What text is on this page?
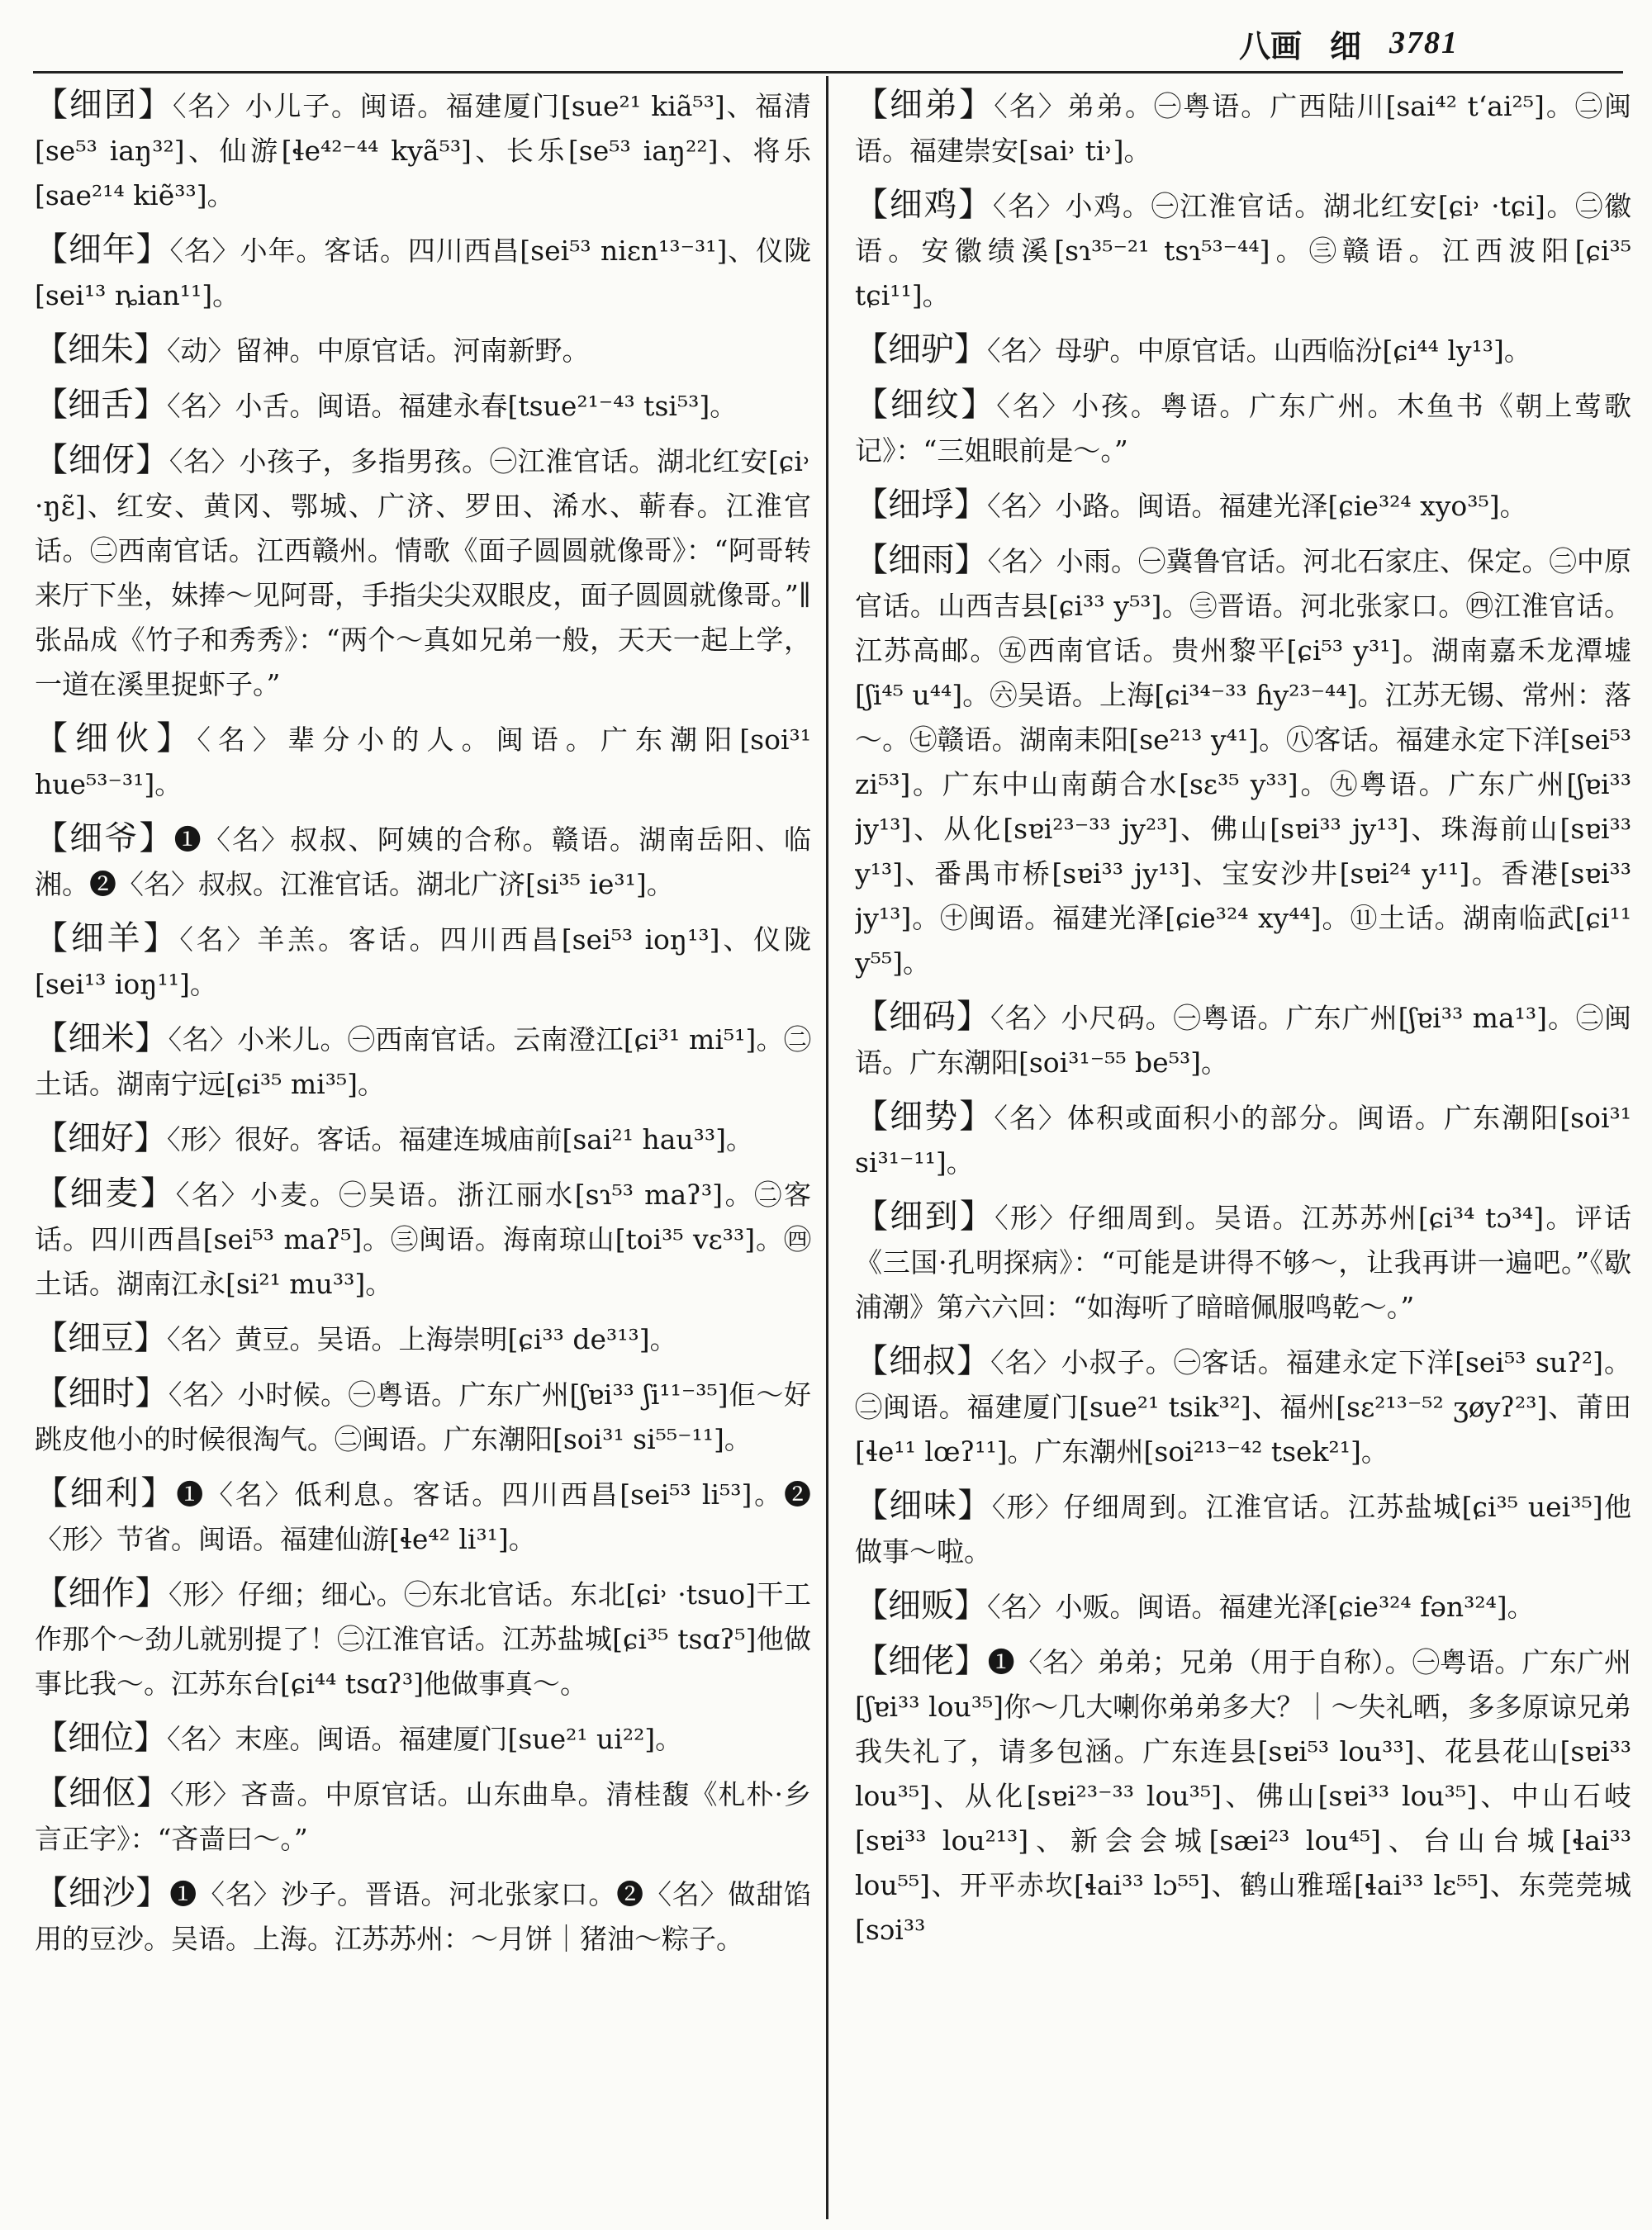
八画 细 3781

【细囝】〈名〉小儿子。闽语。福建厦门[sue²¹ kiã⁵³]、福清[se⁵³ iaŋ³²]、仙游[ɬe⁴²⁻⁴⁴ kyã⁵³]、长乐[se⁵³ iaŋ²²]、将乐[sae²¹⁴ kiẽ³³]。

【细年】〈名〉小年。客话。四川西昌[sei⁵³ niɛn¹³⁻³¹]、仪陇[sei¹³ ȵian¹¹]。

【细朱】〈动〉留神。中原官话。河南新野。

【细舌】〈名〉小舌。闽语。福建永春[tsue²¹⁻⁴³ tsi⁵³]。

【细伢】〈名〉小孩子，多指男孩。㊀江淮官话。湖北红安[ɕi˒ ·ŋɛ̃]、红安、黄冈、鄂城、广济、罗田、浠水、蕲春。江淮官话。㊁西南官话。江西赣州。情歌《面子圆圆就像哥》：“阿哥转来厅下坐，妹捧～见阿哥，手指尖尖双眼皮，面子圆圆就像哥。”∥张品成《竹子和秀秀》：“两个～真如兄弟一般，天天一起上学，一道在溪里捉虾子。”

【细伙】〈名〉辈分小的人。闽语。广东潮阳[soi³¹ hue⁵³⁻³¹]。

【细爷】❶〈名〉叔叔、阿姨的合称。赣语。湖南岳阳、临湘。❷〈名〉叔叔。江淮官话。湖北广济[si³⁵ ie³¹]。

【细羊】〈名〉羊羔。客话。四川西昌[sei⁵³ ioŋ¹³]、仪陇[sei¹³ ioŋ¹¹]。

【细米】〈名〉小米儿。㊀西南官话。云南澄江[ɕi³¹ mi⁵¹]。㊁土话。湖南宁远[ɕi³⁵ mi³⁵]。

【细好】〈形〉很好。客话。福建连城庙前[sai²¹ hau³³]。

【细麦】〈名〉小麦。㊀吴语。浙江丽水[sɿ⁵³ maʔ³]。㊁客话。四川西昌[sei⁵³ maʔ⁵]。㊂闽语。海南琼山[toi³⁵ vɛ³³]。㊃土话。湖南江永[si²¹ mu³³]。

【细豆】〈名〉黄豆。吴语。上海崇明[ɕi³³ de³¹³]。

【细时】〈名〉小时候。㊀粤语。广东广州[ʃɐi³³ ʃi¹¹⁻³⁵]佢～好跳皮他小的时候很淘气。㊁闽语。广东潮阳[soi³¹ si⁵⁵⁻¹¹]。

【细利】❶〈名〉低利息。客话。四川西昌[sei⁵³ li⁵³]。❷〈形〉节省。闽语。福建仙游[ɬe⁴² li³¹]。

【细作】〈形〉仔细；细心。㊀东北官话。东北[ɕi˒ ·tsuo]干工作那个～劲儿就别提了！㊁江淮官话。江苏盐城[ɕi³⁵ tsɑʔ⁵]他做事比我～。江苏东台[ɕi⁴⁴ tsɑʔ³]他做事真～。

【细位】〈名〉末座。闽语。福建厦门[sue²¹ ui²²]。

【细伛】〈形〉吝啬。中原官话。山东曲阜。清桂馥《札朴·乡言正字》：“吝啬曰～。”

【细沙】❶〈名〉沙子。晋语。河北张家口。❷〈名〉做甜馅用的豆沙。吴语。上海。江苏苏州：～月饼｜猪油～粽子。

【细弟】〈名〉弟弟。㊀粤语。广西陆川[sai⁴² tʻai²⁵]。㊁闽语。福建崇安[sai˒ ti˒]。

【细鸡】〈名〉小鸡。㊀江淮官话。湖北红安[ɕi˒ ·tɕi]。㊁徽语。安徽绩溪[sɿ³⁵⁻²¹ tsɿ⁵³⁻⁴⁴]。㊂赣语。江西波阳[ɕi³⁵ tɕi¹¹]。

【细驴】〈名〉母驴。中原官话。山西临汾[ɕi⁴⁴ ly¹³]。

【细纹】〈名〉小孩。粤语。广东广州。木鱼书《朝上莺歌记》：“三姐眼前是～。”

【细垺】〈名〉小路。闽语。福建光泽[ɕie³²⁴ xyo³⁵]。

【细雨】〈名〉小雨。㊀冀鲁官话。河北石家庄、保定。㊁中原官话。山西吉县[ɕi³³ y⁵³]。㊂晋语。河北张家口。㊃江淮官话。江苏高邮。㊄西南官话。贵州黎平[ɕi⁵³ y³¹]。湖南嘉禾龙潭墟[ʃi⁴⁵ u⁴⁴]。㊅吴语。上海[ɕi³⁴⁻³³ ɦy²³⁻⁴⁴]。江苏无锡、常州：落～。㊆赣语。湖南耒阳[se²¹³ y⁴¹]。㊇客话。福建永定下洋[sei⁵³ zi⁵³]。广东中山南蓢合水[sɛ³⁵ y³³]。㊈粤语。广东广州[ʃɐi³³ jy¹³]、从化[sɐi²³⁻³³ jy²³]、佛山[sɐi³³ jy¹³]、珠海前山[sɐi³³ y¹³]、番禺市桥[sɐi³³ jy¹³]、宝安沙井[sɐi²⁴ y¹¹]。香港[sɐi³³ jy¹³]。㊉闽语。福建光泽[ɕie³²⁴ xy⁴⁴]。⑪土话。湖南临武[ɕi¹¹ y⁵⁵]。

【细码】〈名〉小尺码。㊀粤语。广东广州[ʃɐi³³ ma¹³]。㊁闽语。广东潮阳[soi³¹⁻⁵⁵ be⁵³]。

【细势】〈名〉体积或面积小的部分。闽语。广东潮阳[soi³¹ si³¹⁻¹¹]。

【细到】〈形〉仔细周到。吴语。江苏苏州[ɕi³⁴ tɔ³⁴]。评话《三国·孔明探病》：“可能是讲得不够～，让我再讲一遍吧。”《歇浦潮》第六六回：“如海听了暗暗佩服鸣乾～。”

【细叔】〈名〉小叔子。㊀客话。福建永定下洋[sei⁵³ suʔ²]。㊁闽语。福建厦门[sue²¹ tsik³²]、福州[sɛ²¹³⁻⁵² ʒøyʔ²³]、莆田[ɬe¹¹ lœʔ¹¹]。广东潮州[soi²¹³⁻⁴² tsek²¹]。

【细味】〈形〉仔细周到。江淮官话。江苏盐城[ɕi³⁵ uei³⁵]他做事～啦。

【细贩】〈名〉小贩。闽语。福建光泽[ɕie³²⁴ fən³²⁴]。

【细佬】❶〈名〉弟弟；兄弟（用于自称）。㊀粤语。广东广州[ʃɐi³³ lou³⁵]你～几大喇你弟弟多大？｜～失礼晒，多多原谅兄弟我失礼了，请多包涵。广东连县[sɐi⁵³ lou³³]、花县花山[sɐi³³ lou³⁵]、从化[sɐi²³⁻³³ lou³⁵]、佛山[sɐi³³ lou³⁵]、中山石岐[sɐi³³ lou²¹³]、新会会城[sæi²³ lou⁴⁵]、台山台城[ɬai³³ lou⁵⁵]、开平赤坎[ɬai³³ lɔ⁵⁵]、鹤山雅瑶[ɬai³³ lɛ⁵⁵]、东莞莞城[sɔi³³
